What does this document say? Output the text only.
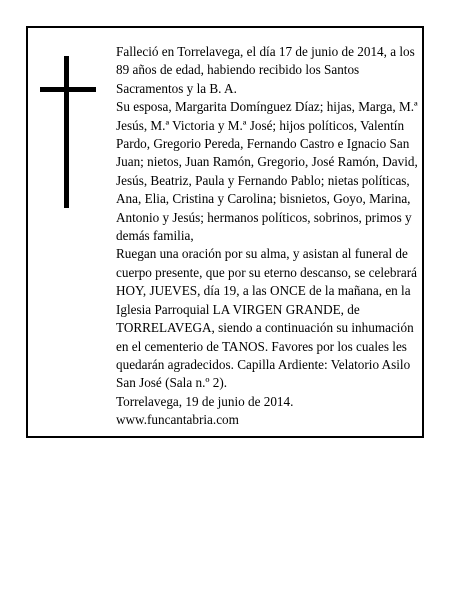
Falleció en Torrelavega, el día 17 de junio de 2014, a los 89 años de edad, habiendo recibido los Santos Sacramentos y la B. A.

Su esposa, Margarita Domínguez Díaz; hijas, Marga, M.ª Jesús, M.ª Victoria y M.ª José; hijos políticos, Valentín Pardo, Gregorio Pereda, Fernando Castro e Ignacio San Juan; nietos, Juan Ramón, Gregorio, José Ramón, David, Jesús, Beatriz, Paula y Fernando Pablo; nietas políticas, Ana, Elia, Cristina y Carolina; bisnietos, Goyo, Marina, Antonio y Jesús; hermanos políticos, sobrinos, primos y demás familia,

Ruegan una oración por su alma, y asistan al funeral de cuerpo presente, que por su eterno descanso, se celebrará HOY, JUEVES, día 19, a las ONCE de la mañana, en la Iglesia Parroquial LA VIRGEN GRANDE, de TORRELAVEGA, siendo a continuación su inhumación en el cementerio de TANOS. Favores por los cuales les quedarán agradecidos. Capilla Ardiente: Velatorio Asilo San José (Sala n.º 2).

Torrelavega, 19 de junio de 2014.

www.funcantabria.com
